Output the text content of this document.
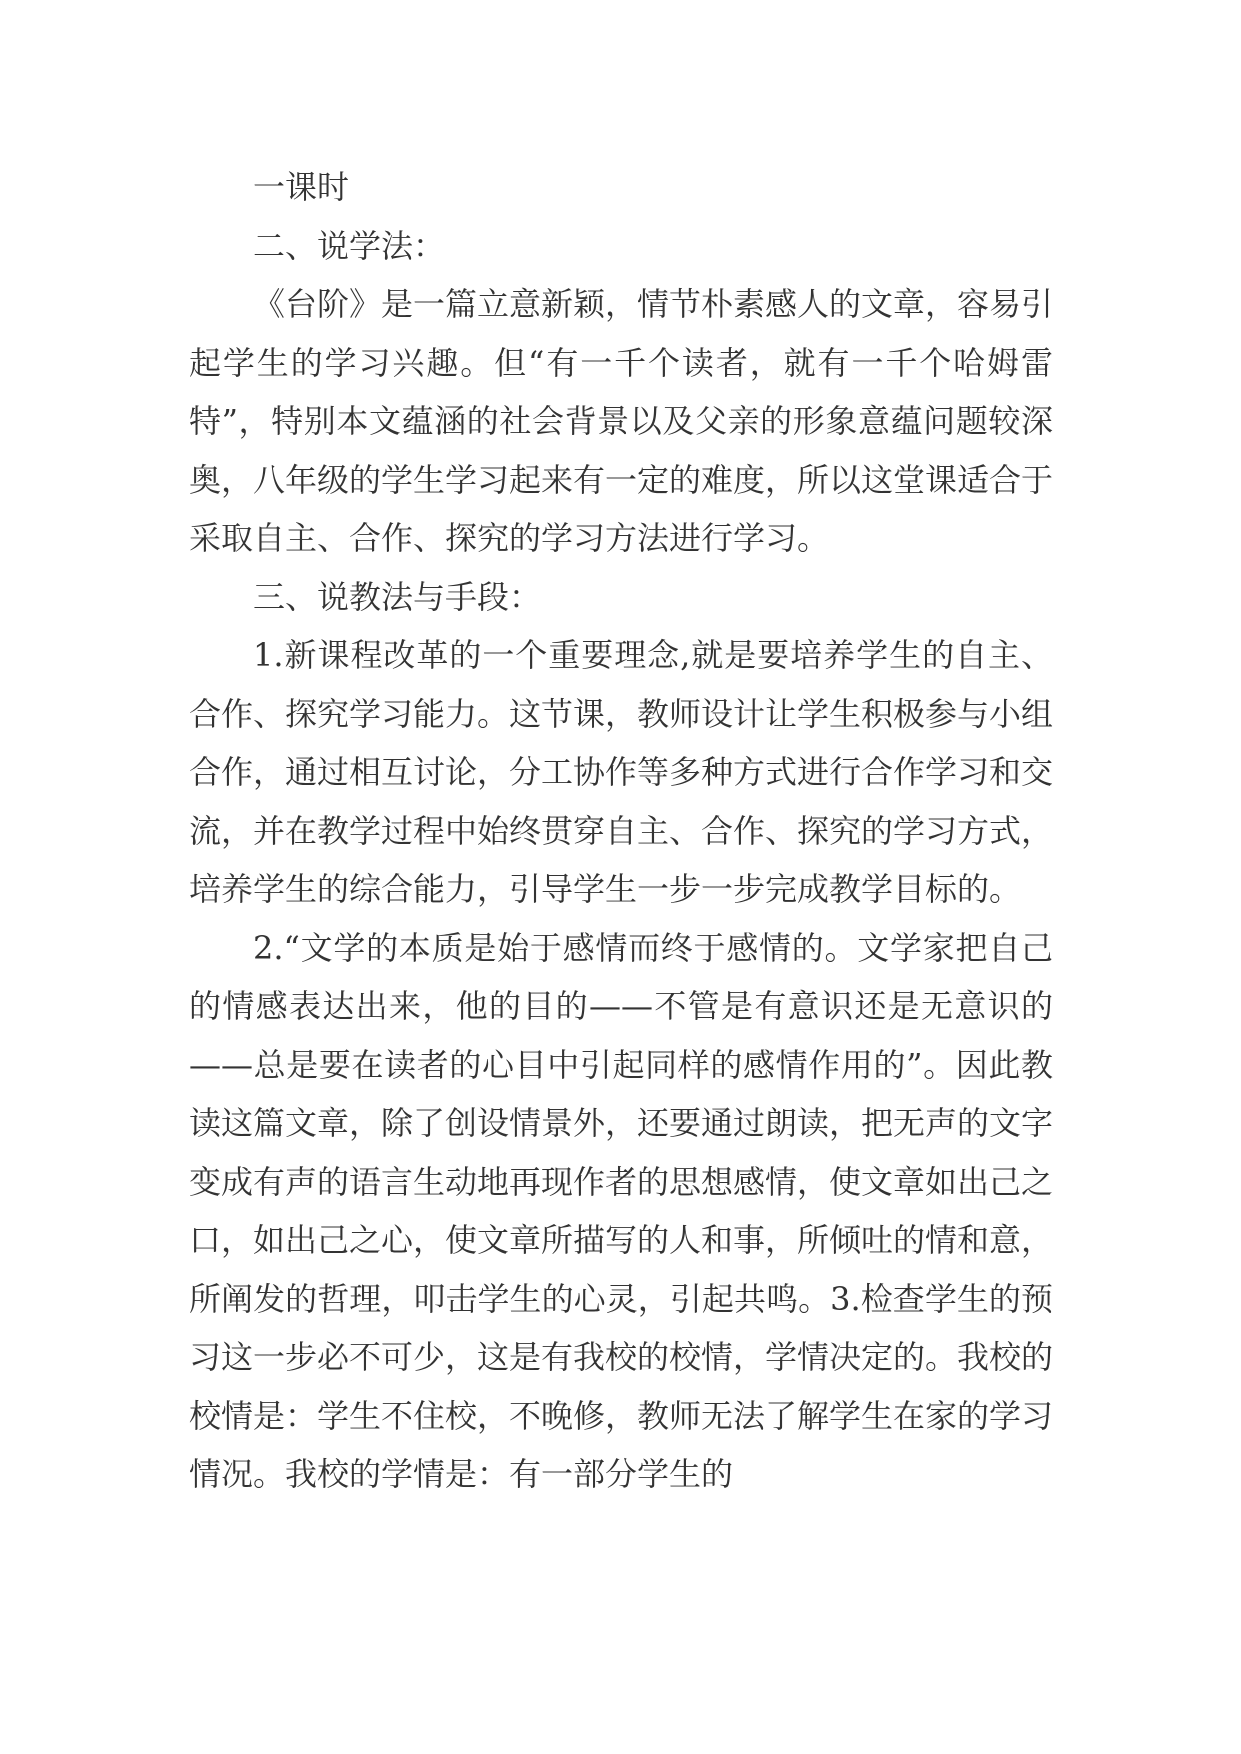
一课时

二、说学法：

《台阶》是一篇立意新颖，情节朴素感人的文章，容易引起学生的学习兴趣。但“有一千个读者，就有一千个哈姆雷特”，特别本文蕴涵的社会背景以及父亲的形象意蕴问题较深奥，八年级的学生学习起来有一定的难度，所以这堂课适合于采取自主、合作、探究的学习方法进行学习。

三、说教法与手段：

1.新课程改革的一个重要理念,就是要培养学生的自主、合作、探究学习能力。这节课，教师设计让学生积极参与小组合作，通过相互讨论，分工协作等多种方式进行合作学习和交流，并在教学过程中始终贯穿自主、合作、探究的学习方式，培养学生的综合能力，引导学生一步一步完成教学目标的。

2.“文学的本质是始于感情而终于感情的。文学家把自己的情感表达出来，他的目的——不管是有意识还是无意识的——总是要在读者的心目中引起同样的感情作用的”。因此教读这篇文章，除了创设情景外，还要通过朗读，把无声的文字变成有声的语言生动地再现作者的思想感情，使文章如出己之口，如出己之心，使文章所描写的人和事，所倾吐的情和意，所阐发的哲理，叩击学生的心灵，引起共鸣。3.检查学生的预习这一步必不可少，这是有我校的校情，学情决定的。我校的校情是：学生不住校，不晚修，教师无法了解学生在家的学习情况。我校的学情是：有一部分学生的
